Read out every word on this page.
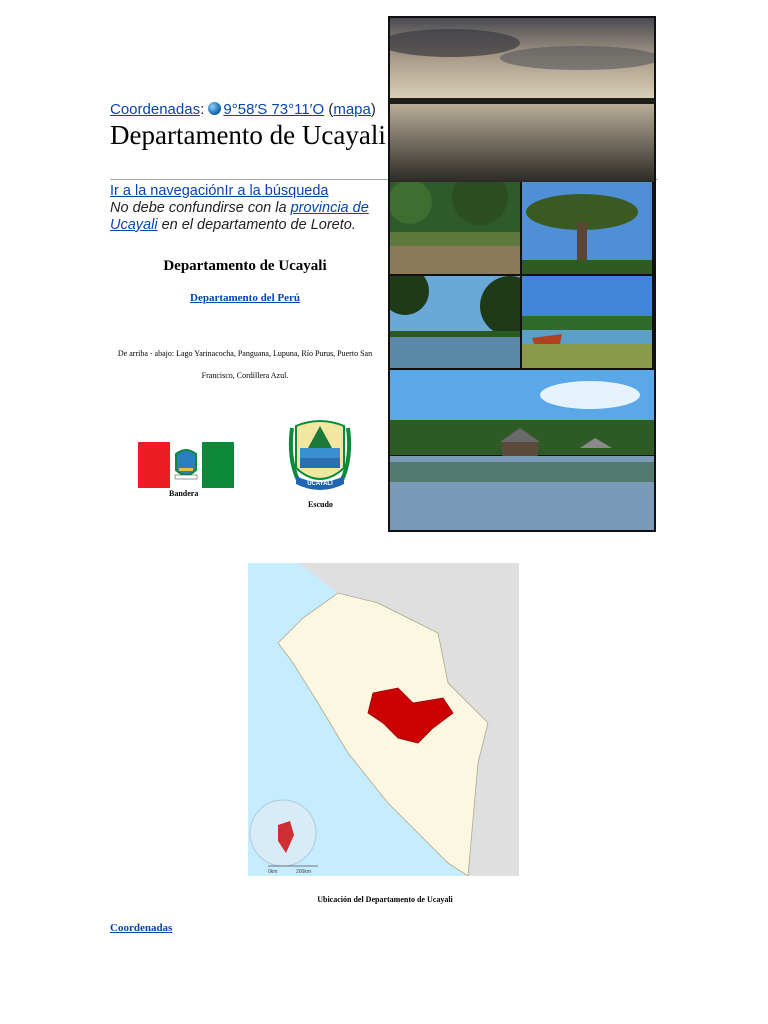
Coordenadas: 9°58′S 73°11′O (mapa)
Departamento de Ucayali
Ir a la navegaciónIr a la búsqueda
No debe confundirse con la provincia de Ucayali en el departamento de Loreto.
Departamento de Ucayali
Departamento del Perú
De arriba - abajo: Lago Yarinacocha, Panguana, Lupuna, Río Purus, Puerto San Francisco, Cordillera Azul.
Bandera
UCAYALI
Escudo
0km	200km
Ubicación del Departamento de Ucayali
Coordenadas
